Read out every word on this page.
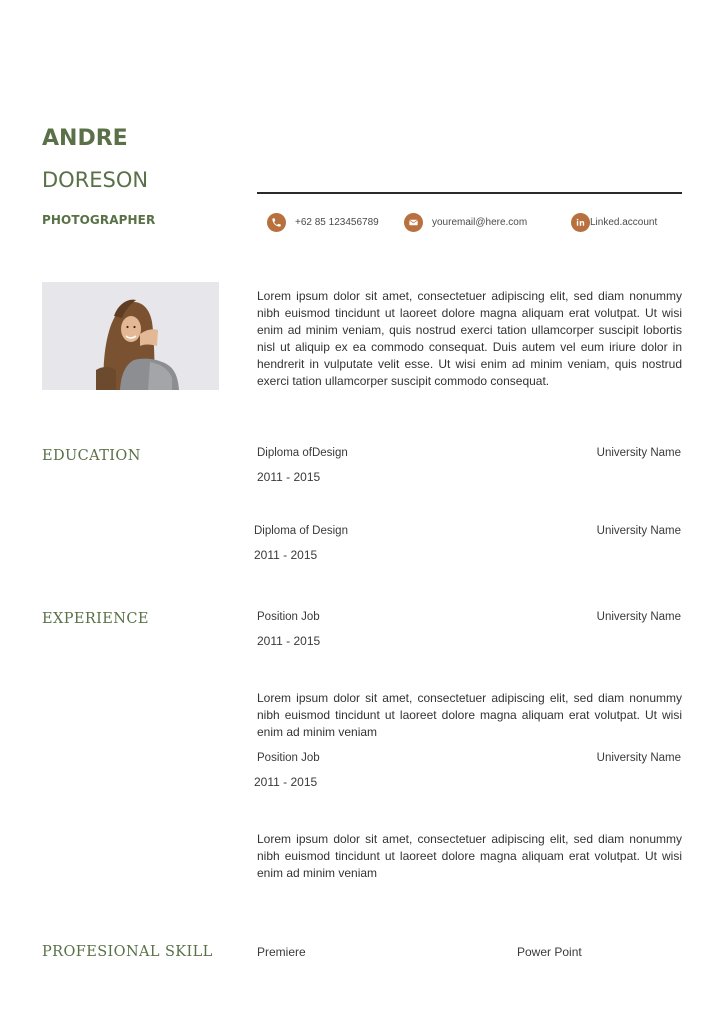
ANDRE
DORESON
PHOTOGRAPHER	+62 85 123456789	youremail@here.com	Linked.account
Lorem ipsum dolor sit amet, consectetuer adipiscing elit, sed diam nonummy nibh euismod tincidunt ut laoreet dolore magna aliquam erat volutpat. Ut wisi enim ad minim veniam, quis nostrud exerci tation ullamcorper suscipit lobortis nisl ut aliquip ex ea commodo consequat. Duis autem vel eum iriure dolor in hendrerit in vulputate velit esse. Ut wisi enim ad minim veniam, quis nostrud exerci tation ullamcorper suscipit commodo consequat.
EDUCATION	Diploma ofDesign	University Name
2011 - 2015
Diploma of Design	University Name
2011 - 2015
EXPERIENCE	Position Job	University Name
2011 - 2015
Lorem ipsum dolor sit amet, consectetuer adipiscing elit, sed diam nonummy nibh euismod tincidunt ut laoreet dolore magna aliquam erat volutpat. Ut wisi enim ad minim veniam
Position Job	University Name
2011 - 2015
Lorem ipsum dolor sit amet, consectetuer adipiscing elit, sed diam nonummy nibh euismod tincidunt ut laoreet dolore magna aliquam erat volutpat. Ut wisi enim ad minim veniam
PROFESIONAL SKILL	Premiere	Power Point
